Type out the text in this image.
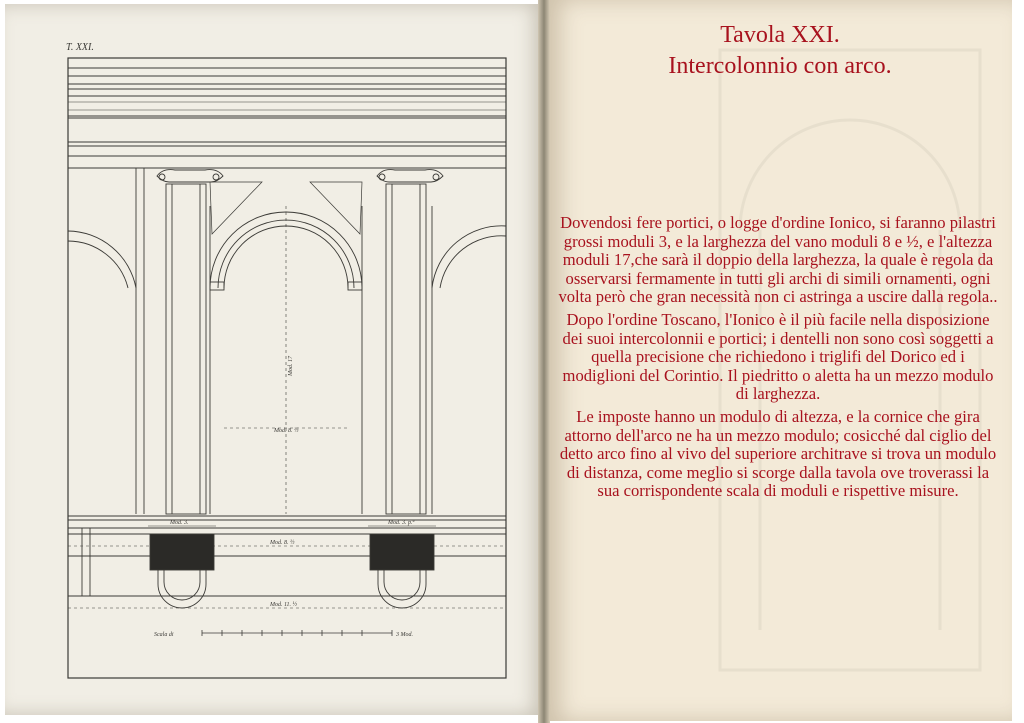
T. XXI.
Mod. 17
Mod. 8. ½
Mod. 3.	Mod. 3. p.ª
Mod. 8. ½
Mod. 11. ½
Scala di	3 Mod.

Tavola XXI.

Intercolonnio con arco.

Dovendosi fere portici, o logge d'ordine Ionico, si faranno pilastri grossi moduli 3, e la larghezza del vano moduli 8 e ½, e l'altezza moduli 17,che sarà il doppio della larghezza, la quale è regola da osservarsi fermamente in tutti gli archi di simili ornamenti, ogni volta però che gran necessità non ci astringa a uscire dalla regola..

Dopo l'ordine Toscano, l'Ionico è il più facile nella disposizione dei suoi intercolonnii e portici; i dentelli non sono così soggetti a quella precisione che richiedono i triglifi del Dorico ed i modiglioni del Corintio. Il piedritto o aletta ha un mezzo modulo di larghezza.

Le imposte hanno un modulo di altezza, e la cornice che gira attorno dell'arco ne ha un mezzo modulo; cosicché dal ciglio del detto arco fino al vivo del superiore architrave si trova un modulo di distanza, come meglio si scorge dalla tavola ove troverassi la sua corrispondente scala di moduli e rispettive misure.
